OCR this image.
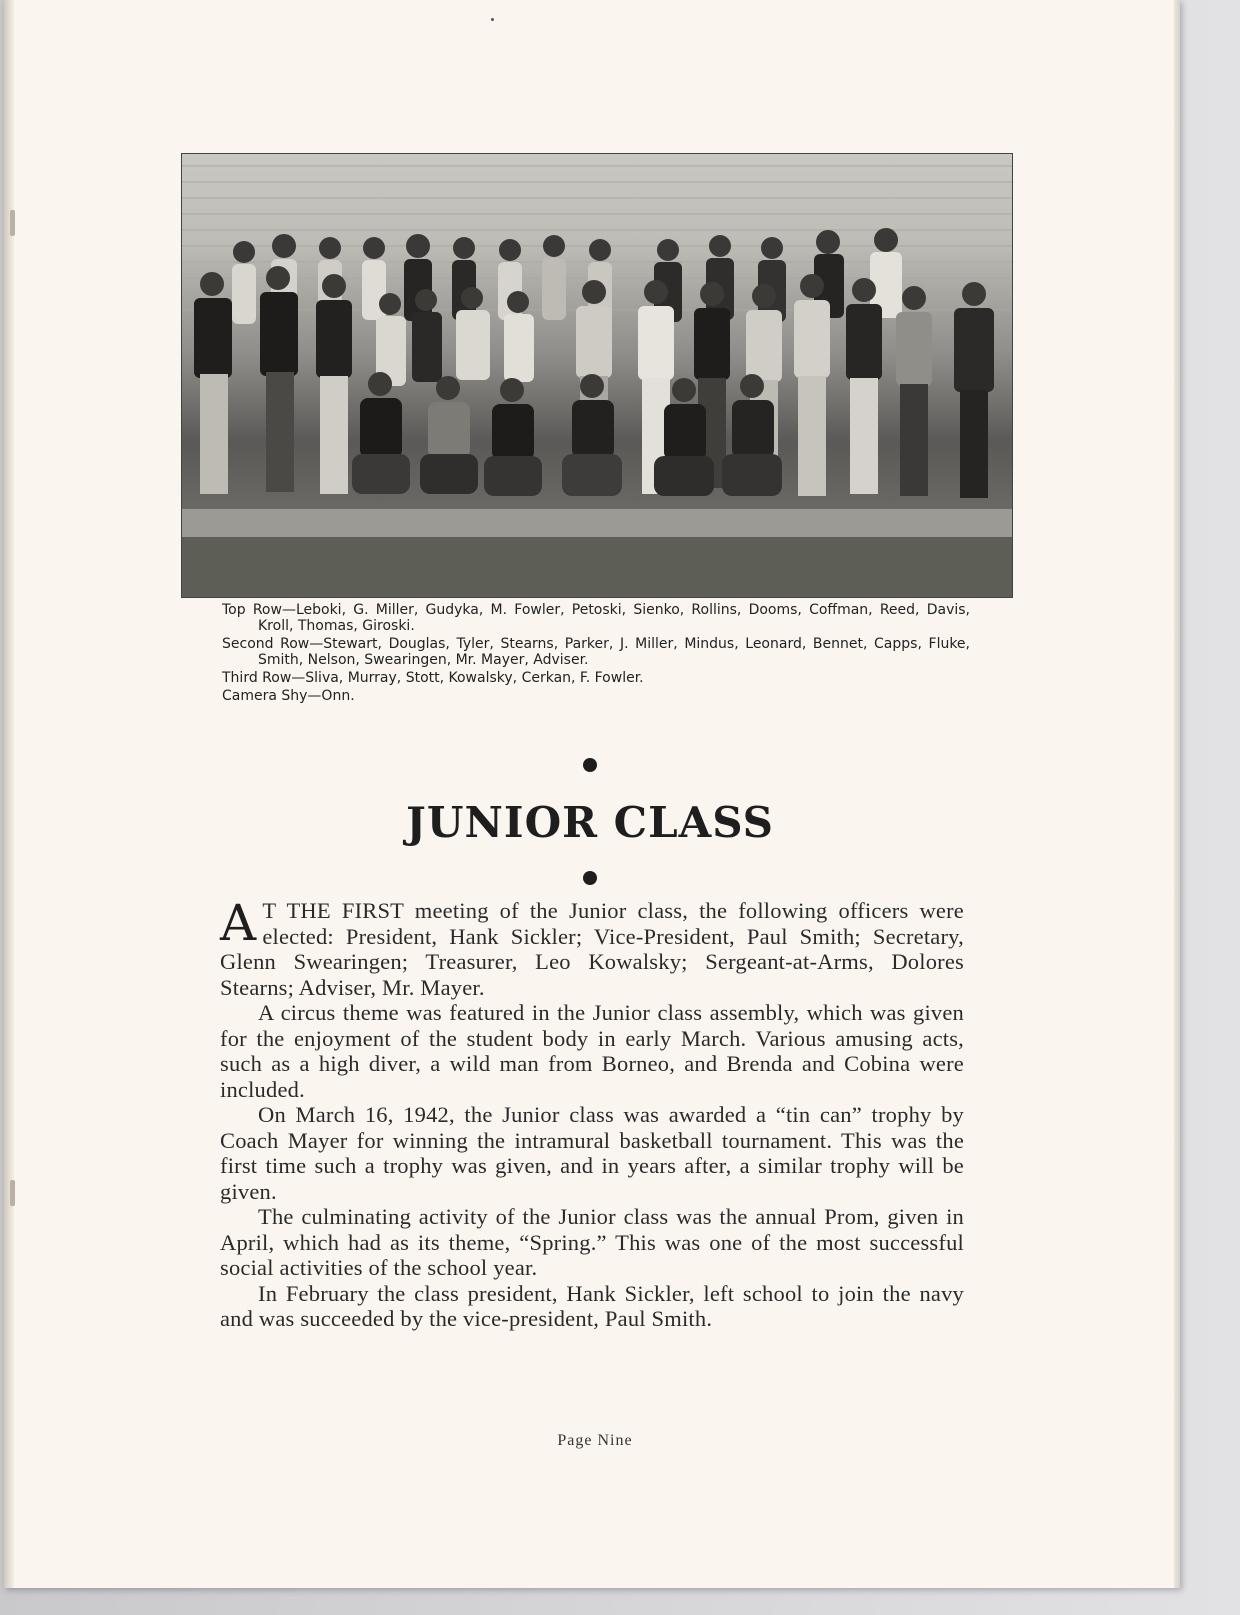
Top Row—Leboki, G. Miller, Gudyka, M. Fowler, Petoski, Sienko, Rollins, Dooms, Coffman, Reed, Davis, Kroll, Thomas, Giroski.

Second Row—Stewart, Douglas, Tyler, Stearns, Parker, J. Miller, Mindus, Leonard, Bennet, Capps, Fluke, Smith, Nelson, Swearingen, Mr. Mayer, Adviser.

Third Row—Sliva, Murray, Stott, Kowalsky, Cerkan, F. Fowler.

Camera Shy—Onn.

JUNIOR CLASS

A T THE FIRST meeting of the Junior class, the following officers were elected: President, Hank Sickler; Vice-President, Paul Smith; Secretary, Glenn Swearingen; Treasurer, Leo Kowalsky; Sergeant-at-Arms, Dolores Stearns; Adviser, Mr. Mayer.

A circus theme was featured in the Junior class assembly, which was given for the enjoyment of the student body in early March. Various amusing acts, such as a high diver, a wild man from Borneo, and Brenda and Cobina were included.

On March 16, 1942, the Junior class was awarded a “tin can” trophy by Coach Mayer for winning the intramural basketball tournament. This was the first time such a trophy was given, and in years after, a similar trophy will be given.

The culminating activity of the Junior class was the annual Prom, given in April, which had as its theme, “Spring.” This was one of the most successful social activities of the school year.

In February the class president, Hank Sickler, left school to join the navy and was succeeded by the vice-president, Paul Smith.

Page Nine
